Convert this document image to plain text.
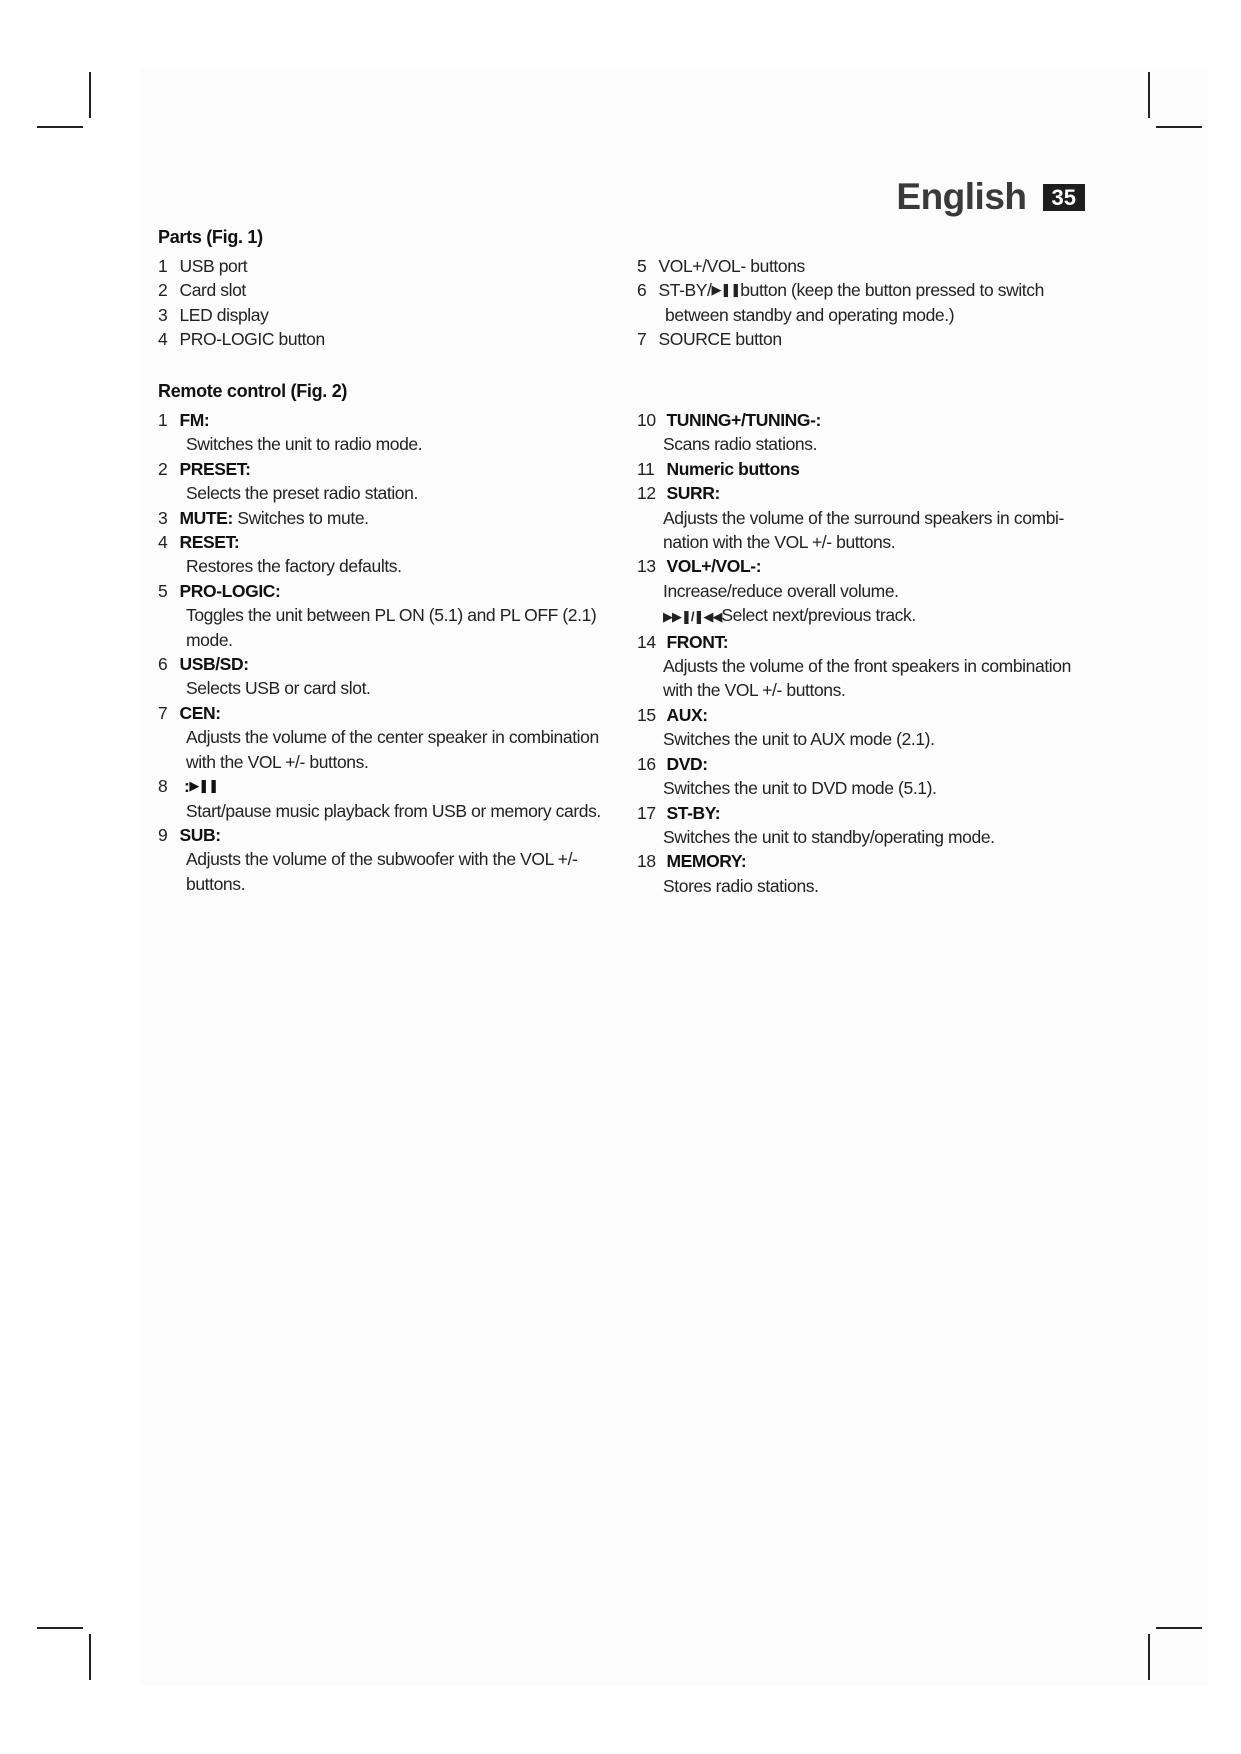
English	35
Parts (Fig. 1)
1
USB port
2
Card slot
3
LED display
4
PRO-LOGIC button
5
VOL+/VOL- buttons
6
ST-BY/ ▶❚❚ button (keep the button pressed to switch
between standby and operating mode.)
7
SOURCE button
Remote control (Fig. 2)
1
FM:
Switches the unit to radio mode.
2
PRESET:
Selects the preset radio station.
3
MUTE: Switches to mute.
4
RESET:
Restores the factory defaults.
5
PRO-LOGIC:
Toggles the unit between PL ON (5.1) and PL OFF (2.1)
mode.
6
USB/SD:
Selects USB or card slot.
7
CEN:
Adjusts the volume of the center speaker in combination
with the VOL +/- buttons.
8
: ▶❚❚
Start/pause music playback from USB or memory cards.
9
SUB:
Adjusts the volume of the subwoofer with the VOL +/-
buttons.
10
TUNING+/TUNING-:
Scans radio stations.
11
Numeric buttons
12
SURR:
Adjusts the volume of the surround speakers in combi-
nation with the VOL +/- buttons.
13
VOL+/VOL-:
Increase/reduce overall volume.
▶▶❚/❚◀◀Select next/previous track.
14
FRONT:
Adjusts the volume of the front speakers in combination
with the VOL +/- buttons.
15
AUX:
Switches the unit to AUX mode (2.1).
16
DVD:
Switches the unit to DVD mode (5.1).
17
ST-BY:
Switches the unit to standby/operating mode.
18
MEMORY:
Stores radio stations.
